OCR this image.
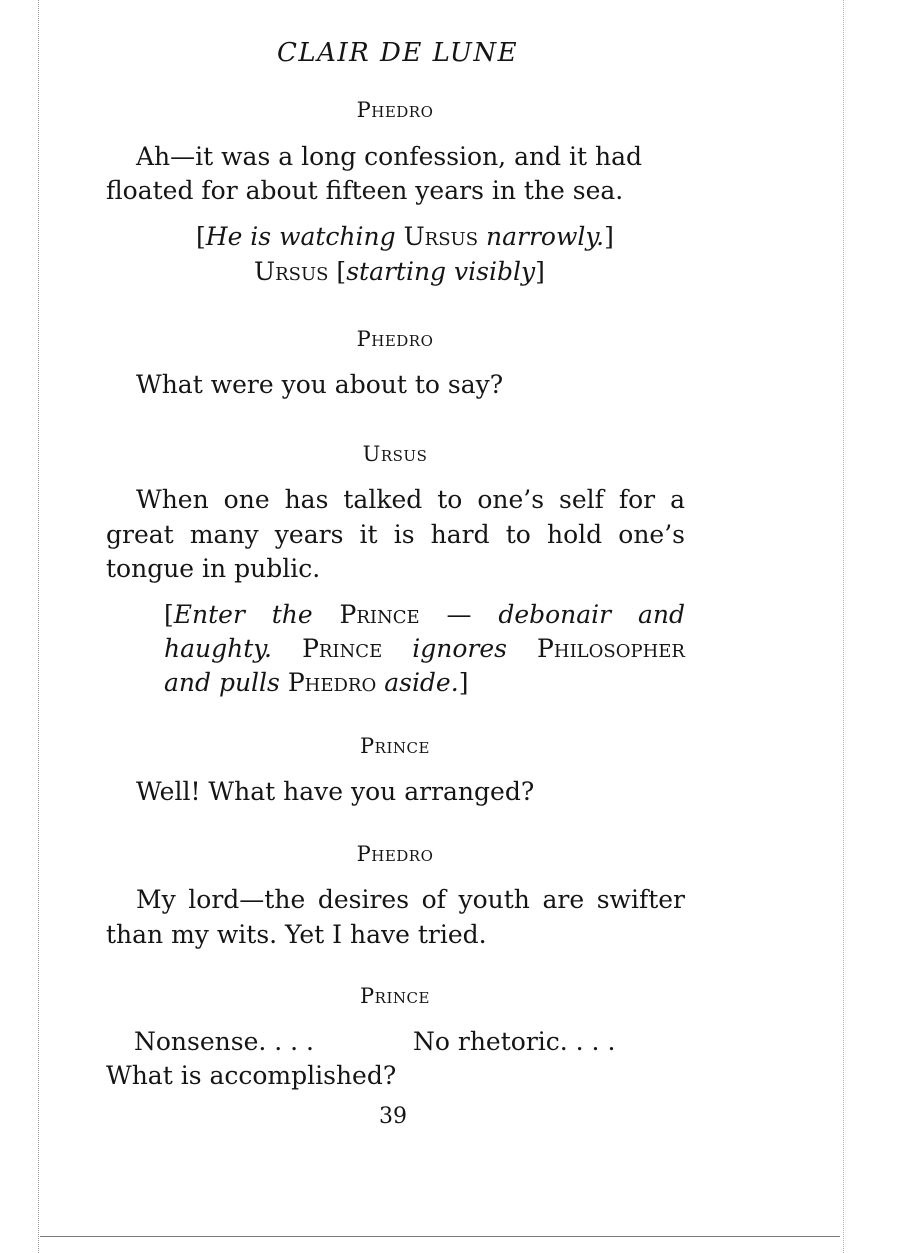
CLAIR DE LUNE
Phedro
Ah—it was a long confession, and it had
floated for about fifteen years in the sea.
[He is watching Ursus narrowly.]
Ursus [starting visibly]
Phedro
What were you about to say?
Ursus
When one has talked to one’s self for a
great many years it is hard to hold one’s
tongue in public.
[Enter the Prince — debonair and
haughty. Prince ignores Philosopher
and pulls Phedro aside.]
Prince
Well! What have you arranged?
Phedro
My lord—the desires of youth are swifter
than my wits. Yet I have tried.
Prince
Nonsense. . . .	No rhetoric. . . .
What is accomplished?
39
